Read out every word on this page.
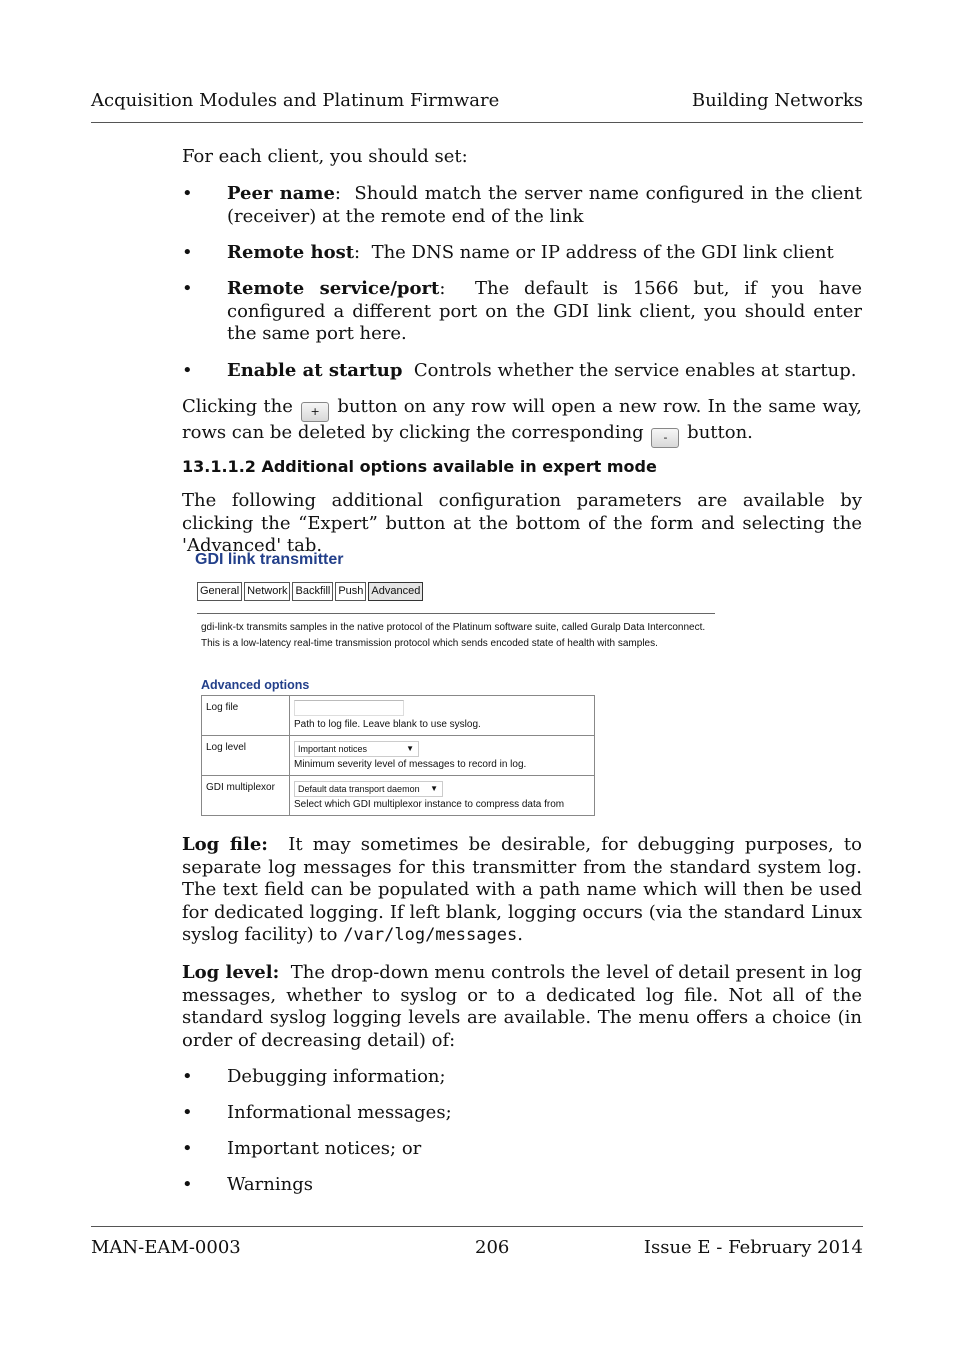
Acquisition Modules and Platinum Firmware	Building Networks
For each client, you should set:
• Peer name: Should match the server name configured in the client (receiver) at the remote end of the link
• Remote host: The DNS name or IP address of the GDI link client
• Remote service/port: The default is 1566 but, if you have configured a different port on the GDI link client, you should enter the same port here.
• Enable at startup Controls whether the service enables at startup.
Clicking the + button on any row will open a new row. In the same way, rows can be deleted by clicking the corresponding - button.
13.1.1.2 Additional options available in expert mode
The following additional configuration parameters are available by clicking the “Expert” button at the bottom of the form and selecting the 'Advanced' tab.
GDI link transmitter
General Network Backfill Push Advanced
gdi-link-tx transmits samples in the native protocol of the Platinum software suite, called Guralp Data Interconnect. This is a low-latency real-time transmission protocol which sends encoded state of health with samples.
Advanced options
Log file	Path to log file. Leave blank to use syslog.

Log level	Important notices ▼
Minimum severity level of messages to record in log.

GDI multiplexor	Default data transport daemon ▼
Select which GDI multiplexor instance to compress data from
Log file: It may sometimes be desirable, for debugging purposes, to separate log messages for this transmitter from the standard system log. The text field can be populated with a path name which will then be used for dedicated logging. If left blank, logging occurs (via the standard Linux syslog facility) to /var/log/messages.
Log level: The drop-down menu controls the level of detail present in log messages, whether to syslog or to a dedicated log file. Not all of the standard syslog logging levels are available. The menu offers a choice (in order of decreasing detail) of:
• Debugging information;
• Informational messages;
• Important notices; or
• Warnings
MAN-EAM-0003	206	Issue E - February 2014
